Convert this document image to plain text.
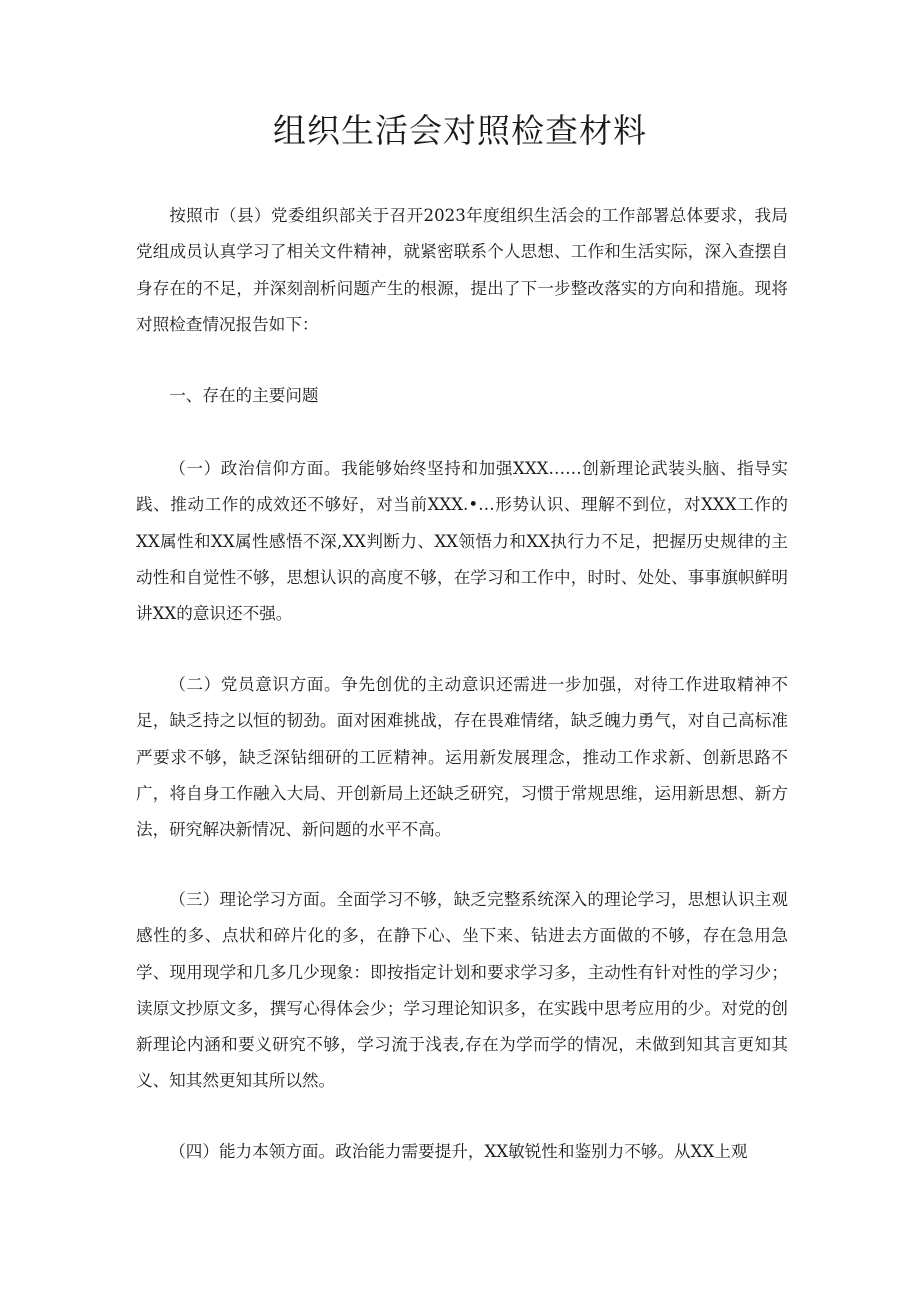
组织生活会对照检查材料

按照市（县）党委组织部关于召开2023年度组织生活会的工作部署总体要求，我局党组成员认真学习了相关文件精神，就紧密联系个人思想、工作和生活实际，深入查摆自身存在的不足，并深刻剖析问题产生的根源，提出了下一步整改落实的方向和措施。现将对照检查情况报告如下：

一、存在的主要问题

（一）政治信仰方面。我能够始终坚持和加强XXX……创新理论武装头脑、指导实践、推动工作的成效还不够好，对当前XXX.•…形势认识、理解不到位，对XXX工作的XX属性和XX属性感悟不深,XX判断力、XX领悟力和XX执行力不足，把握历史规律的主动性和自觉性不够，思想认识的高度不够，在学习和工作中，时时、处处、事事旗帜鲜明讲XX的意识还不强。

（二）党员意识方面。争先创优的主动意识还需进一步加强，对待工作进取精神不足，缺乏持之以恒的韧劲。面对困难挑战，存在畏难情绪，缺乏魄力勇气，对自己高标准严要求不够，缺乏深钻细研的工匠精神。运用新发展理念，推动工作求新、创新思路不广，将自身工作融入大局、开创新局上还缺乏研究，习惯于常规思维，运用新思想、新方法，研究解决新情况、新问题的水平不高。

（三）理论学习方面。全面学习不够，缺乏完整系统深入的理论学习，思想认识主观感性的多、点状和碎片化的多，在静下心、坐下来、钻进去方面做的不够，存在急用急学、现用现学和几多几少现象：即按指定计划和要求学习多，主动性有针对性的学习少；读原文抄原文多，撰写心得体会少；学习理论知识多，在实践中思考应用的少。对党的创新理论内涵和要义研究不够，学习流于浅表,存在为学而学的情况，未做到知其言更知其义、知其然更知其所以然。

（四）能力本领方面。政治能力需要提升，XX敏锐性和鉴别力不够。从XX上观
